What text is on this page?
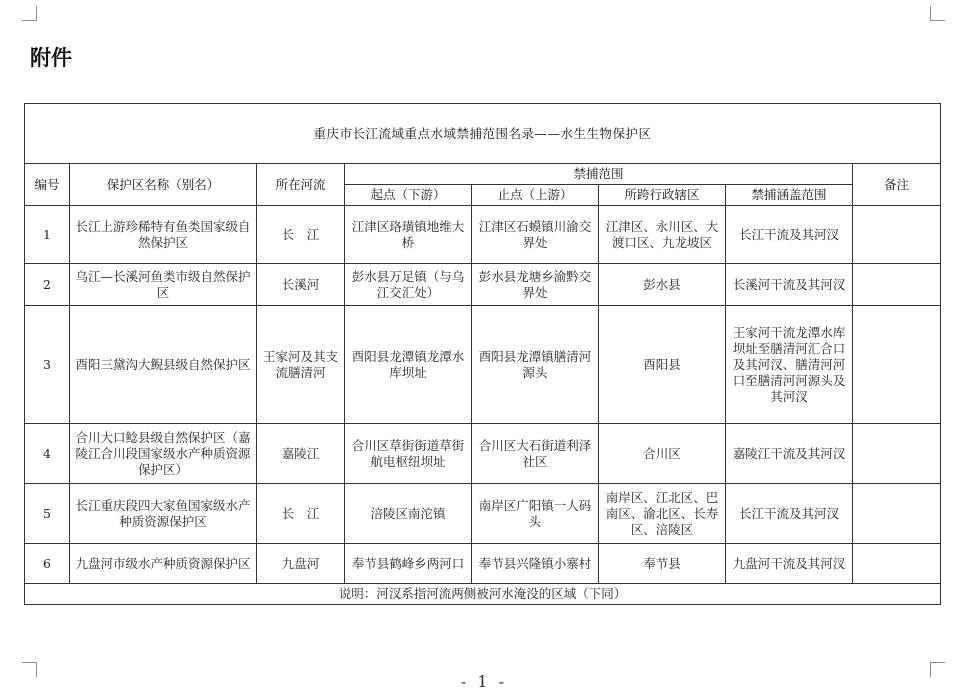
附件
重庆市长江流域重点水域禁捕范围名录——水生生物保护区							
编号	保护区名称（别名）	所在河流	禁捕范围				备注
			起点（下游）	止点（上游）	所跨行政辖区	禁捕涵盖范围	
1	长江上游珍稀特有鱼类国家级自然保护区	长　江	江津区珞璜镇地维大桥	江津区石蟆镇川渝交界处	江津区、永川区、大渡口区、九龙坡区	长江干流及其河汊	
2	乌江—长溪河鱼类市级自然保护区	长溪河	彭水县万足镇（与乌江交汇处）	彭水县龙塘乡渝黔交界处	彭水县	长溪河干流及其河汊	
3	酉阳三黛沟大鲵县级自然保护区	王家河及其支流膳清河	酉阳县龙潭镇龙潭水库坝址	酉阳县龙潭镇膳清河源头	酉阳县	王家河干流龙潭水库坝址至膳清河汇合口及其河汊、膳清河河口至膳清河河源头及其河汊	
4	合川大口鲶县级自然保护区（嘉陵江合川段国家级水产种质资源保护区）	嘉陵江	合川区草街街道草街航电枢纽坝址	合川区大石街道利泽社区	合川区	嘉陵江干流及其河汊	
5	长江重庆段四大家鱼国家级水产种质资源保护区	长　江	涪陵区南沱镇	南岸区广阳镇一人码头	南岸区、江北区、巴南区、渝北区、长寿区、涪陵区	长江干流及其河汊	
6	九盘河市级水产种质资源保护区	九盘河	奉节县鹤峰乡两河口	奉节县兴隆镇小寨村	奉节县	九盘河干流及其河汊	
说明：河汊系指河流两侧被河水淹没的区域（下同）							
- 1 -
